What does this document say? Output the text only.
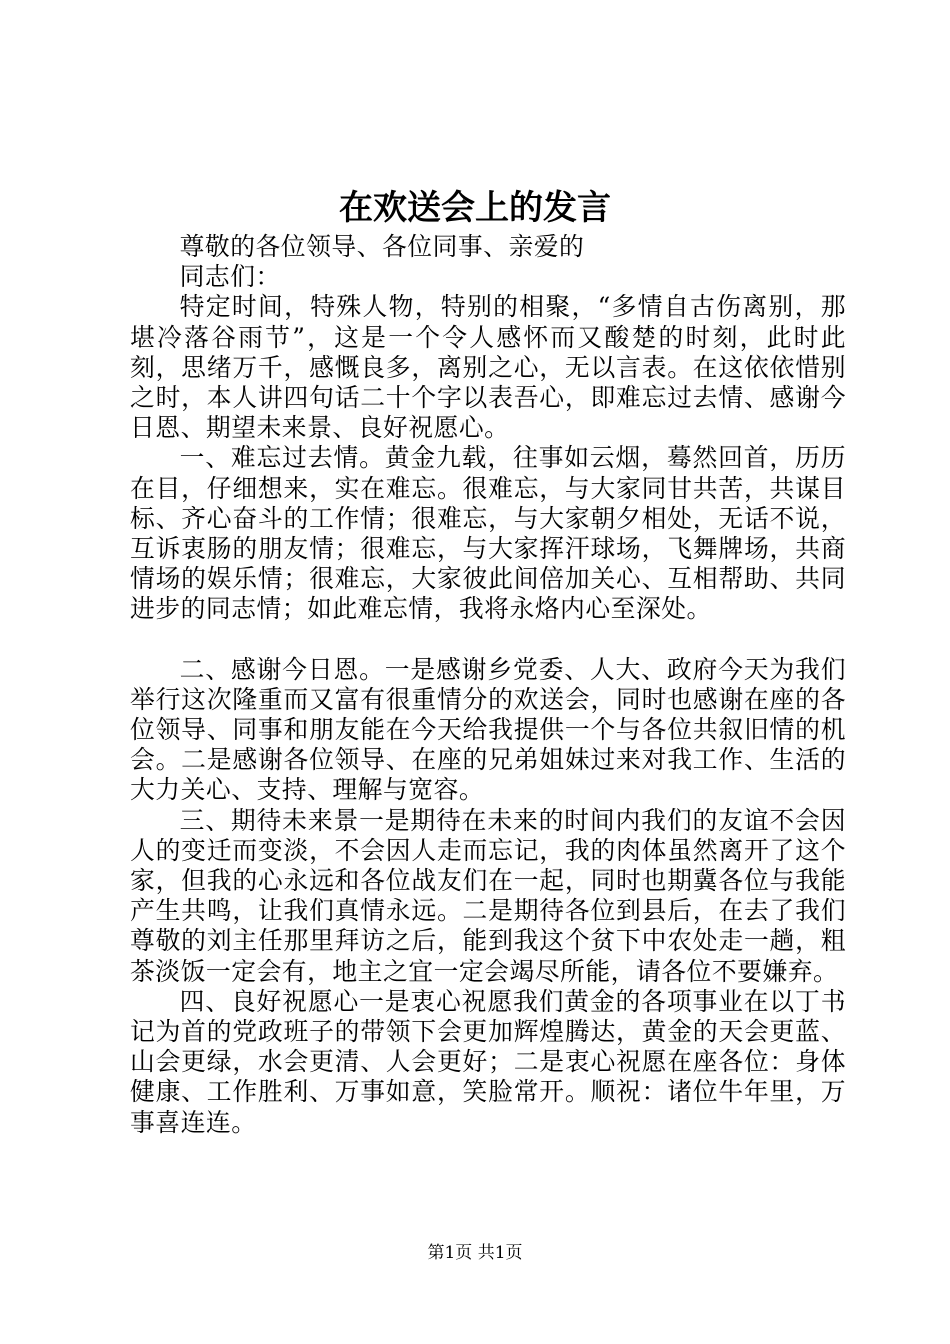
在欢送会上的发言

尊敬的各位领导、各位同事、亲爱的

同志们：

特定时间，特殊人物，特别的相聚，“多情自古伤离别，那堪冷落谷雨节”，这是一个令人感怀而又酸楚的时刻，此时此刻，思绪万千，感慨良多，离别之心，无以言表。在这依依惜别之时，本人讲四句话二十个字以表吾心，即难忘过去情、感谢今日恩、期望未来景、良好祝愿心。

一、难忘过去情。黄金九载，往事如云烟，蓦然回首，历历在目，仔细想来，实在难忘。很难忘，与大家同甘共苦，共谋目标、齐心奋斗的工作情；很难忘，与大家朝夕相处，无话不说，互诉衷肠的朋友情；很难忘，与大家挥汗球场，飞舞牌场，共商情场的娱乐情；很难忘，大家彼此间倍加关心、互相帮助、共同进步的同志情；如此难忘情，我将永烙内心至深处。

二、感谢今日恩。一是感谢乡党委、人大、政府今天为我们举行这次隆重而又富有很重情分的欢送会，同时也感谢在座的各位领导、同事和朋友能在今天给我提供一个与各位共叙旧情的机会。二是感谢各位领导、在座的兄弟姐妹过来对我工作、生活的大力关心、支持、理解与宽容。

三、期待未来景一是期待在未来的时间内我们的友谊不会因人的变迁而变淡，不会因人走而忘记，我的肉体虽然离开了这个家，但我的心永远和各位战友们在一起，同时也期冀各位与我能产生共鸣，让我们真情永远。二是期待各位到县后，在去了我们尊敬的刘主任那里拜访之后，能到我这个贫下中农处走一趟，粗茶淡饭一定会有，地主之宜一定会竭尽所能，请各位不要嫌弃。

四、良好祝愿心一是衷心祝愿我们黄金的各项事业在以丁书记为首的党政班子的带领下会更加辉煌腾达，黄金的天会更蓝、山会更绿，水会更清、人会更好；二是衷心祝愿在座各位：身体健康、工作胜利、万事如意，笑脸常开。顺祝：诸位牛年里，万事喜连连。

第1页 共1页
